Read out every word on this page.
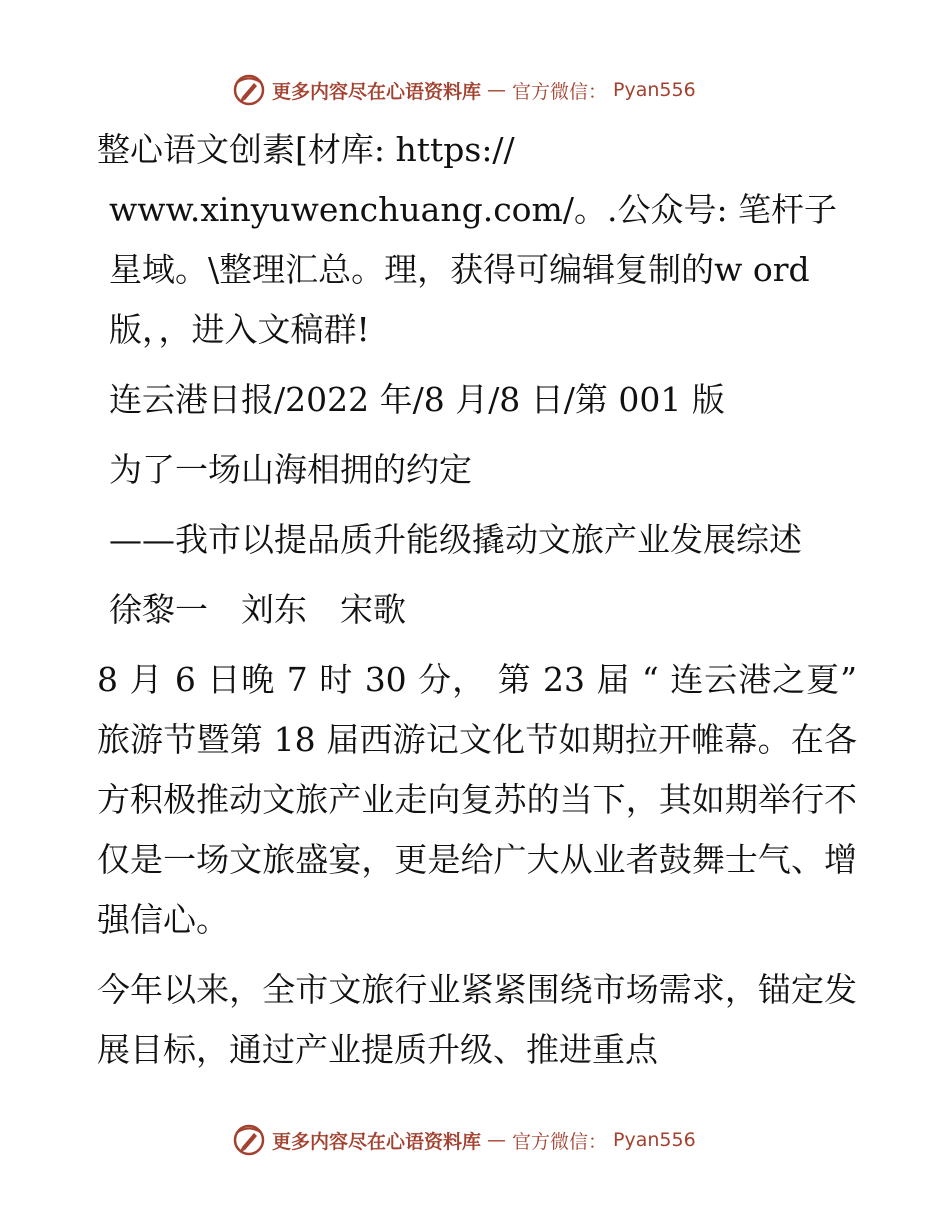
更多内容尽在心语资料库 — 官方微信： Pyan556

整心语文创素[材库: https:// www.xinyuwenchuang.com/。.公众号: 笔杆子星域。\整理汇总。理，获得可编辑复制的w ord版，，进入文稿群!

连云港日报/2022 年/8 月/8 日/第 001 版

为了一场山海相拥的约定

——我市以提品质升能级撬动文旅产业发展综述

徐黎一　刘东　宋歌

8 月 6 日晚 7 时 30 分， 第 23 届 “ 连云港之夏” 旅游节暨第 18 届西游记文化节如期拉开帷幕。在各方积极推动文旅产业走向复苏的当下，其如期举行不仅是一场文旅盛宴，更是给广大从业者鼓舞士气、增强信心。

今年以来，全市文旅行业紧紧围绕市场需求，锚定发展目标，通过产业提质升级、推进重点

更多内容尽在心语资料库 — 官方微信： Pyan556
